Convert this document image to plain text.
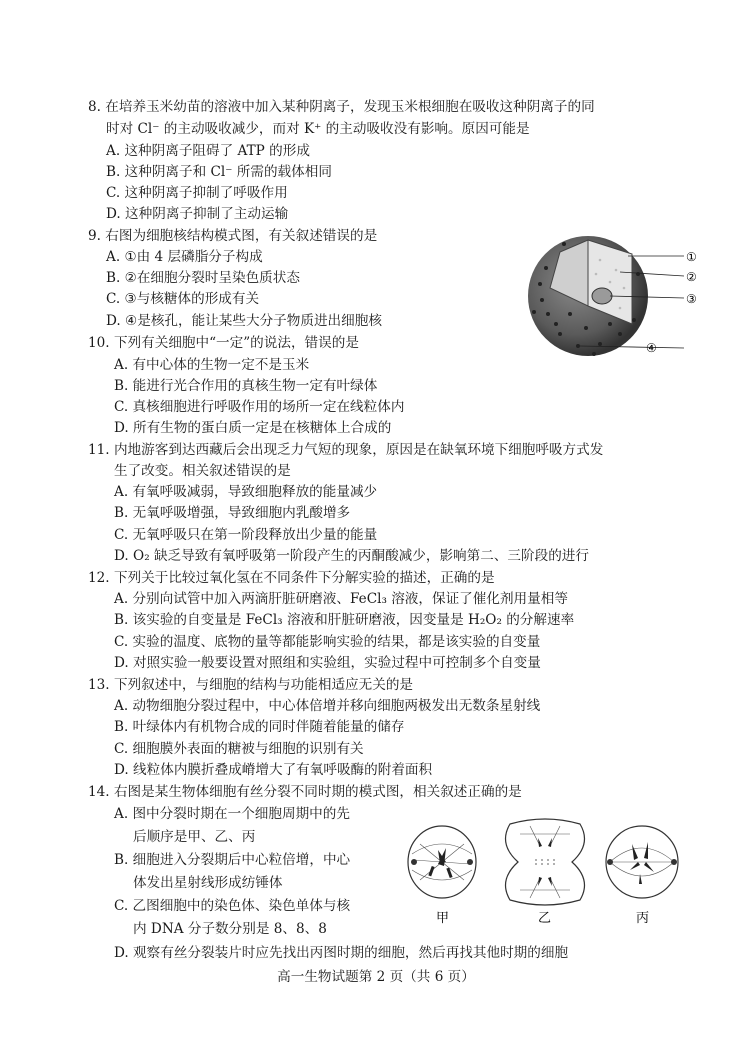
8. 在培养玉米幼苗的溶液中加入某种阴离子，发现玉米根细胞在吸收这种阴离子的同
时对 Cl⁻ 的主动吸收减少，而对 K⁺ 的主动吸收没有影响。原因可能是
A. 这种阴离子阻碍了 ATP 的形成
B. 这种阴离子和 Cl⁻ 所需的载体相同
C. 这种阴离子抑制了呼吸作用
D. 这种阴离子抑制了主动运输
9. 右图为细胞核结构模式图，有关叙述错误的是
A. ①由 4 层磷脂分子构成
B. ②在细胞分裂时呈染色质状态
C. ③与核糖体的形成有关
D. ④是核孔，能让某些大分子物质进出细胞核
①
②
③
④
10. 下列有关细胞中“一定”的说法，错误的是
A. 有中心体的生物一定不是玉米
B. 能进行光合作用的真核生物一定有叶绿体
C. 真核细胞进行呼吸作用的场所一定在线粒体内
D. 所有生物的蛋白质一定是在核糖体上合成的
11. 内地游客到达西藏后会出现乏力气短的现象，原因是在缺氧环境下细胞呼吸方式发
生了改变。相关叙述错误的是
A. 有氧呼吸减弱，导致细胞释放的能量减少
B. 无氧呼吸增强，导致细胞内乳酸增多
C. 无氧呼吸只在第一阶段释放出少量的能量
D. O₂ 缺乏导致有氧呼吸第一阶段产生的丙酮酸减少，影响第二、三阶段的进行
12. 下列关于比较过氧化氢在不同条件下分解实验的描述，正确的是
A. 分别向试管中加入两滴肝脏研磨液、FeCl₃ 溶液，保证了催化剂用量相等
B. 该实验的自变量是 FeCl₃ 溶液和肝脏研磨液，因变量是 H₂O₂ 的分解速率
C. 实验的温度、底物的量等都能影响实验的结果，都是该实验的自变量
D. 对照实验一般要设置对照组和实验组，实验过程中可控制多个自变量
13. 下列叙述中，与细胞的结构与功能相适应无关的是
A. 动物细胞分裂过程中，中心体倍增并移向细胞两极发出无数条星射线
B. 叶绿体内有机物合成的同时伴随着能量的储存
C. 细胞膜外表面的糖被与细胞的识别有关
D. 线粒体内膜折叠成嵴增大了有氧呼吸酶的附着面积
14. 右图是某生物体细胞有丝分裂不同时期的模式图，相关叙述正确的是
A. 图中分裂时期在一个细胞周期中的先
后顺序是甲、乙、丙
B. 细胞进入分裂期后中心粒倍增，中心
体发出星射线形成纺锤体
C. 乙图细胞中的染色体、染色单体与核
内 DNA 分子数分别是 8、8、8
D. 观察有丝分裂装片时应先找出丙图时期的细胞，然后再找其他时期的细胞
甲	乙	丙
高一生物试题第 2 页（共 6 页）
